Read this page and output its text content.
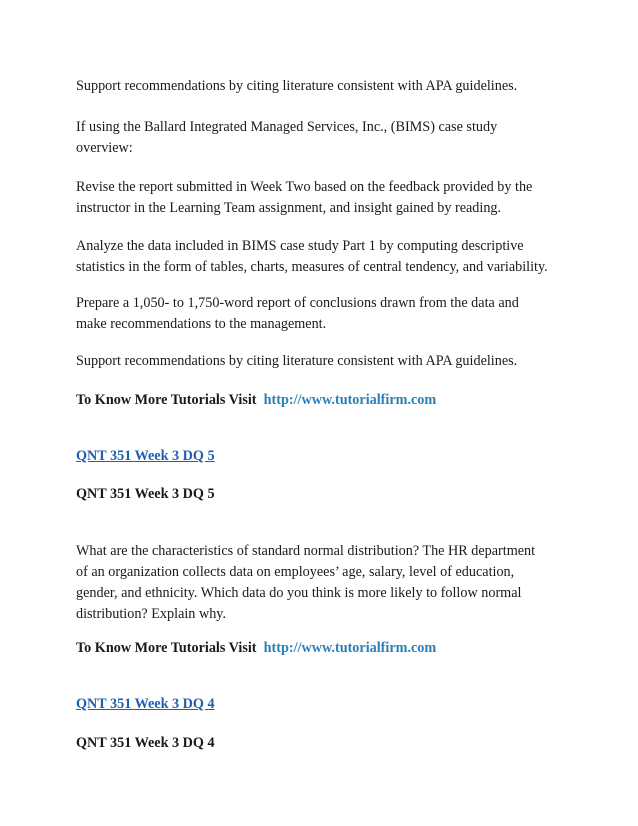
Support recommendations by citing literature consistent with APA guidelines.

If using the Ballard Integrated Managed Services, Inc., (BIMS) case study
overview:

Revise the report submitted in Week Two based on the feedback provided by the
instructor in the Learning Team assignment, and insight gained by reading.

Analyze the data included in BIMS case study Part 1 by computing descriptive
statistics in the form of tables, charts, measures of central tendency, and variability.

Prepare a 1,050- to 1,750-word report of conclusions drawn from the data and
make recommendations to the management.

Support recommendations by citing literature consistent with APA guidelines.

To Know More Tutorials Visit http://www.tutorialfirm.com

QNT 351 Week 3 DQ 5

QNT 351 Week 3 DQ 5

What are the characteristics of standard normal distribution? The HR department
of an organization collects data on employees’ age, salary, level of education,
gender, and ethnicity. Which data do you think is more likely to follow normal
distribution? Explain why.

To Know More Tutorials Visit http://www.tutorialfirm.com

QNT 351 Week 3 DQ 4

QNT 351 Week 3 DQ 4
